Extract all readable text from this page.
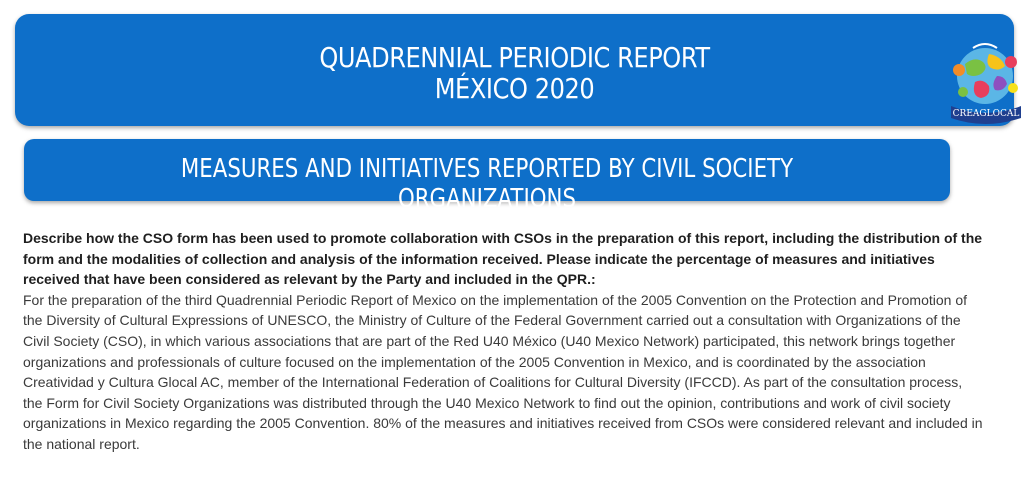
QUADRENNIAL PERIODIC REPORT
MÉXICO 2020
CREAGLOCAL
MEASURES AND INITIATIVES REPORTED BY CIVIL SOCIETY ORGANIZATIONS

Describe how the CSO form has been used to promote collaboration with CSOs in the preparation of this report, including the distribution of the form and the modalities of collection and analysis of the information received. Please indicate the percentage of measures and initiatives received that have been considered as relevant by the Party and included in the QPR.:

For the preparation of the third Quadrennial Periodic Report of Mexico on the implementation of the 2005 Convention on the Protection and Promotion of the Diversity of Cultural Expressions of UNESCO, the Ministry of Culture of the Federal Government carried out a consultation with Organizations of the Civil Society (CSO), in which various associations that are part of the Red U40 México (U40 Mexico Network) participated, this network brings together organizations and professionals of culture focused on the implementation of the 2005 Convention in Mexico, and is coordinated by the association Creatividad y Cultura Glocal AC, member of the International Federation of Coalitions for Cultural Diversity (IFCCD). As part of the consultation process, the Form for Civil Society Organizations was distributed through the U40 Mexico Network to find out the opinion, contributions and work of civil society organizations in Mexico regarding the 2005 Convention. 80% of the measures and initiatives received from CSOs were considered relevant and included in the national report.
